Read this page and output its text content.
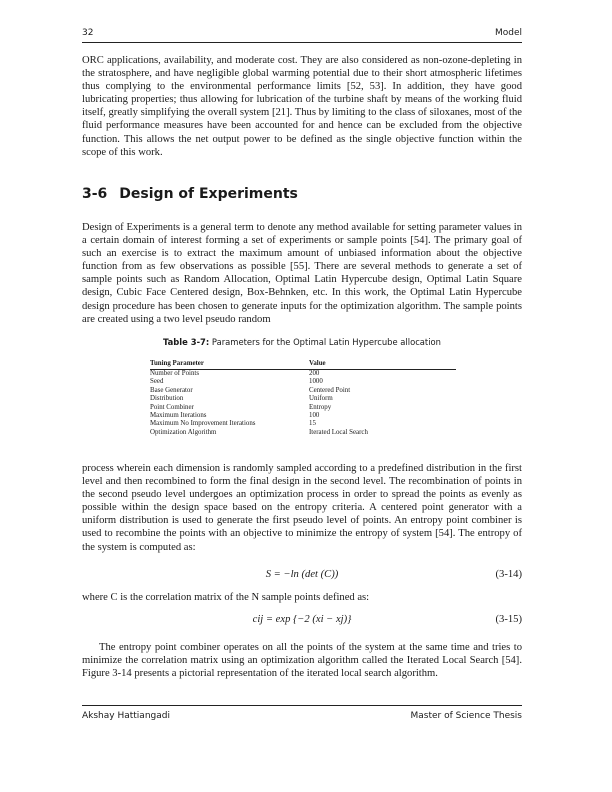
32	Model

ORC applications, availability, and moderate cost. They are also considered as non-ozone-depleting in the stratosphere, and have negligible global warming potential due to their short atmospheric lifetimes thus complying to the environmental performance limits [52, 53]. In addition, they have good lubricating properties; thus allowing for lubrication of the turbine shaft by means of the working fluid itself, greatly simplifying the overall system [21]. Thus by limiting to the class of siloxanes, most of the fluid performance measures have been accounted for and hence can be excluded from the objective function. This allows the net output power to be defined as the single objective function within the scope of this work.

3-6 Design of Experiments

Design of Experiments is a general term to denote any method available for setting parameter values in a certain domain of interest forming a set of experiments or sample points [54]. The primary goal of such an exercise is to extract the maximum amount of unbiased information about the objective function from as few observations as possible [55]. There are several methods to generate a set of sample points such as Random Allocation, Optimal Latin Hypercube design, Optimal Latin Square design, Cubic Face Centered design, Box-Behnken, etc. In this work, the Optimal Latin Hypercube design procedure has been chosen to generate inputs for the optimization algorithm. The sample points are created using a two level pseudo random

Table 3-7: Parameters for the Optimal Latin Hypercube allocation
Tuning Parameter	Value
Number of Points	200
Seed	1000
Base Generator	Centered Point
Distribution	Uniform
Point Combiner	Entropy
Maximum Iterations	100
Maximum No Improvement Iterations	15
Optimization Algorithm	Iterated Local Search

process wherein each dimension is randomly sampled according to a predefined distribution in the first level and then recombined to form the final design in the second level. The recombination of points in the second pseudo level undergoes an optimization process in order to spread the points as evenly as possible within the design space based on the entropy criteria. A centered point generator with a uniform distribution is used to generate the first pseudo level of points. An entropy point combiner is used to recombine the points with an objective to minimize the entropy of system [54]. The entropy of the system is computed as:

S = −ln (det (C))	(3-14)

where C is the correlation matrix of the N sample points defined as:

cij = exp {−2 (xi − xj)}	(3-15)

The entropy point combiner operates on all the points of the system at the same time and tries to minimize the correlation matrix using an optimization algorithm called the Iterated Local Search [54]. Figure 3-14 presents a pictorial representation of the iterated local search algorithm.

Akshay Hattiangadi	Master of Science Thesis
